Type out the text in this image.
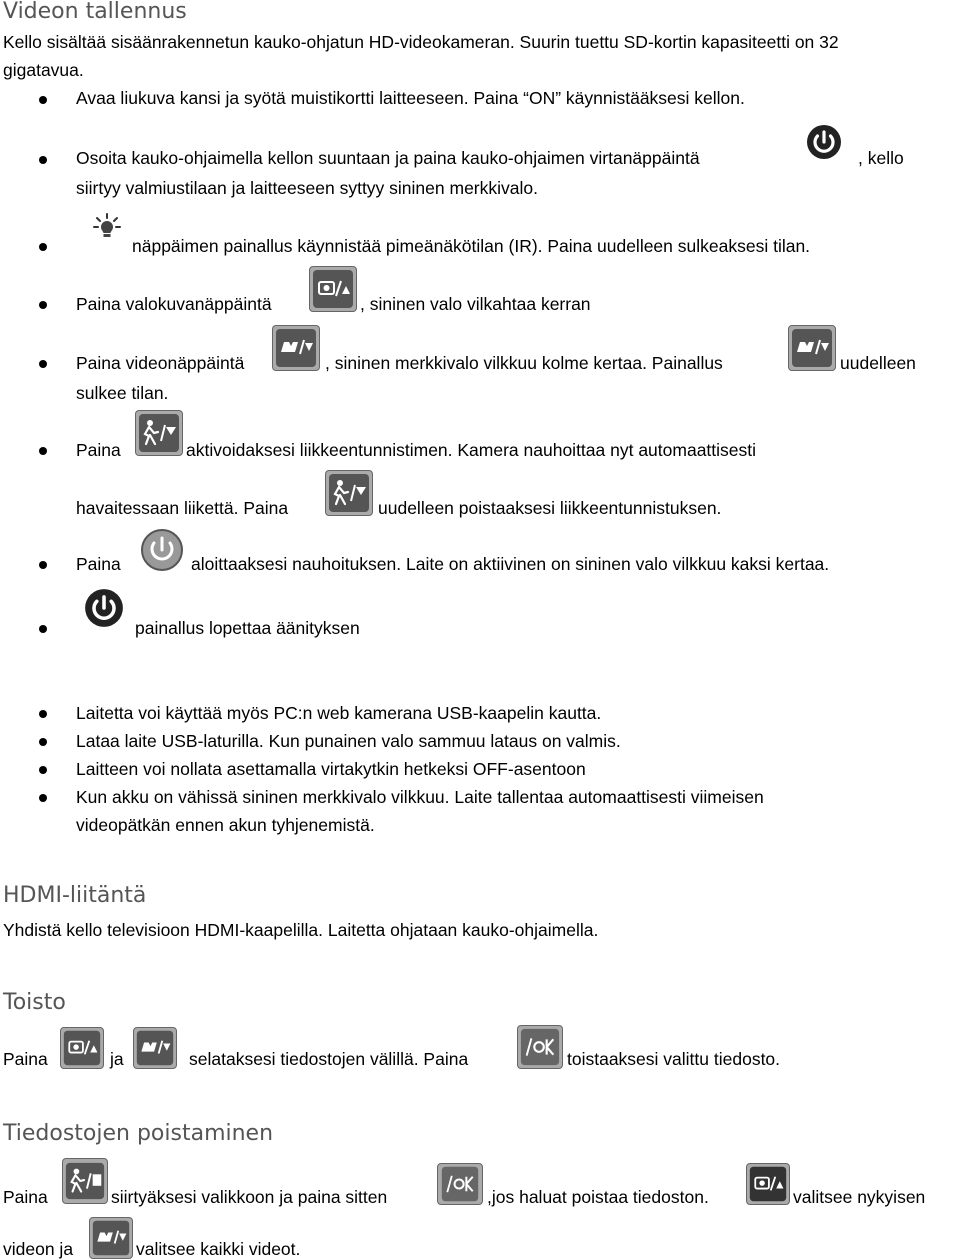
Videon tallennus
Kello sisältää sisäänrakennetun kauko-ohjatun HD-videokameran. Suurin tuettu SD-kortin kapasiteetti on 32
gigatavua.
Avaa liukuva kansi ja syötä muistikortti laitteeseen. Paina “ON” käynnistääksesi kellon.
Osoita kauko-ohjaimella kellon suuntaan ja paina kauko-ohjaimen virtanäppäintä	, kello
siirtyy valmiustilaan ja laitteeseen syttyy sininen merkkivalo.
näppäimen painallus käynnistää pimeänäkötilan (IR). Paina uudelleen sulkeaksesi tilan.
Paina valokuvanäppäintä	, sininen valo vilkahtaa kerran
Paina videonäppäintä	, sininen merkkivalo vilkkuu kolme kertaa. Painallus	uudelleen
sulkee tilan.
Paina	aktivoidaksesi liikkeentunnistimen. Kamera nauhoittaa nyt automaattisesti
havaitessaan liikettä. Paina	uudelleen poistaaksesi liikkeentunnistuksen.
Paina	aloittaaksesi nauhoituksen. Laite on aktiivinen on sininen valo vilkkuu kaksi kertaa.
painallus lopettaa äänityksen
Laitetta voi käyttää myös PC:n web kamerana USB-kaapelin kautta.
Lataa laite USB-laturilla. Kun punainen valo sammuu lataus on valmis.
Laitteen voi nollata asettamalla virtakytkin hetkeksi OFF-asentoon
Kun akku on vähissä sininen merkkivalo vilkkuu. Laite tallentaa automaattisesti viimeisen
videopätkän ennen akun tyhjenemistä.
HDMI-liitäntä
Yhdistä kello televisioon HDMI-kaapelilla. Laitetta ohjataan kauko-ohjaimella.
Toisto
Paina	ja	selataksesi tiedostojen välillä. Paina	toistaaksesi valittu tiedosto.
Tiedostojen poistaminen
Paina	siirtyäksesi valikkoon ja paina sitten	,jos haluat poistaa tiedoston.	valitsee nykyisen
videon ja	valitsee kaikki videot.
